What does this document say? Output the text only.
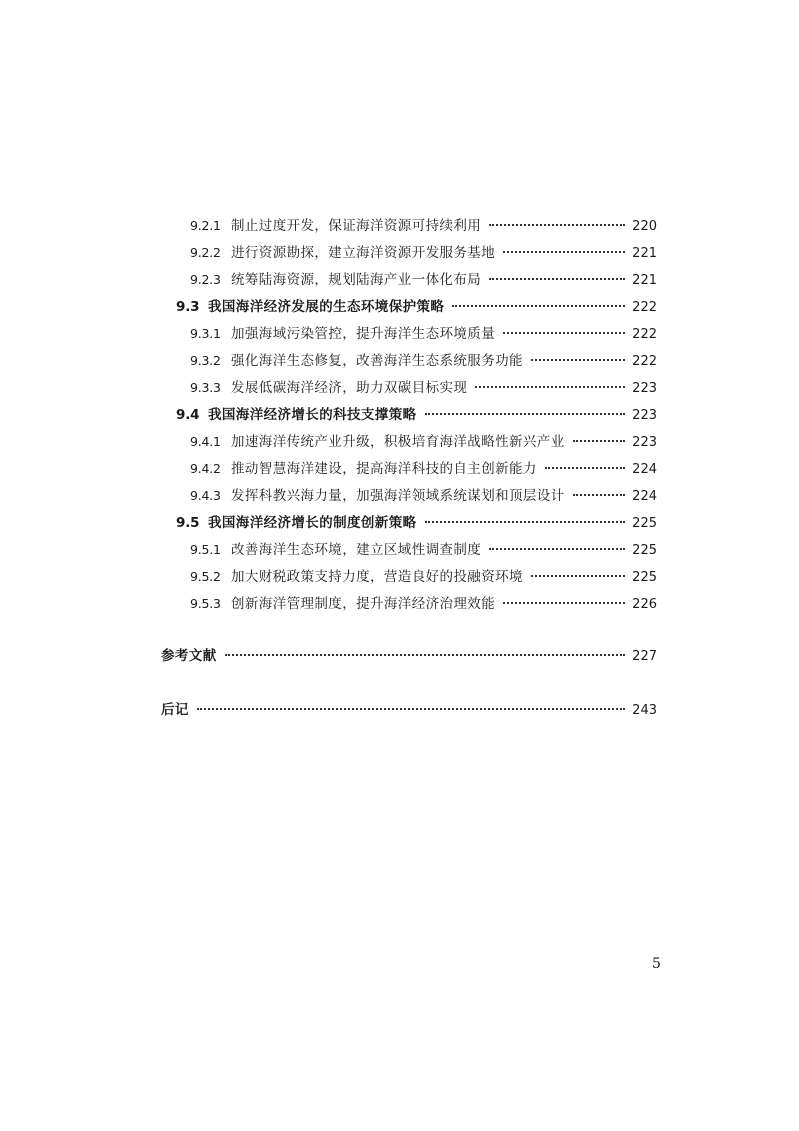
9.2.1 制止过度开发，保证海洋资源可持续利用	220
9.2.2 进行资源勘探，建立海洋资源开发服务基地	221
9.2.3 统筹陆海资源，规划陆海产业一体化布局	221
9.3 我国海洋经济发展的生态环境保护策略	222
9.3.1 加强海域污染管控，提升海洋生态环境质量	222
9.3.2 强化海洋生态修复，改善海洋生态系统服务功能	222
9.3.3 发展低碳海洋经济，助力双碳目标实现	223
9.4 我国海洋经济增长的科技支撑策略	223
9.4.1 加速海洋传统产业升级，积极培育海洋战略性新兴产业	223
9.4.2 推动智慧海洋建设，提高海洋科技的自主创新能力	224
9.4.3 发挥科教兴海力量，加强海洋领域系统谋划和顶层设计	224
9.5 我国海洋经济增长的制度创新策略	225
9.5.1 改善海洋生态环境，建立区域性调查制度	225
9.5.2 加大财税政策支持力度，营造良好的投融资环境	225
9.5.3 创新海洋管理制度，提升海洋经济治理效能	226
参考文献	227
后记	243
5
